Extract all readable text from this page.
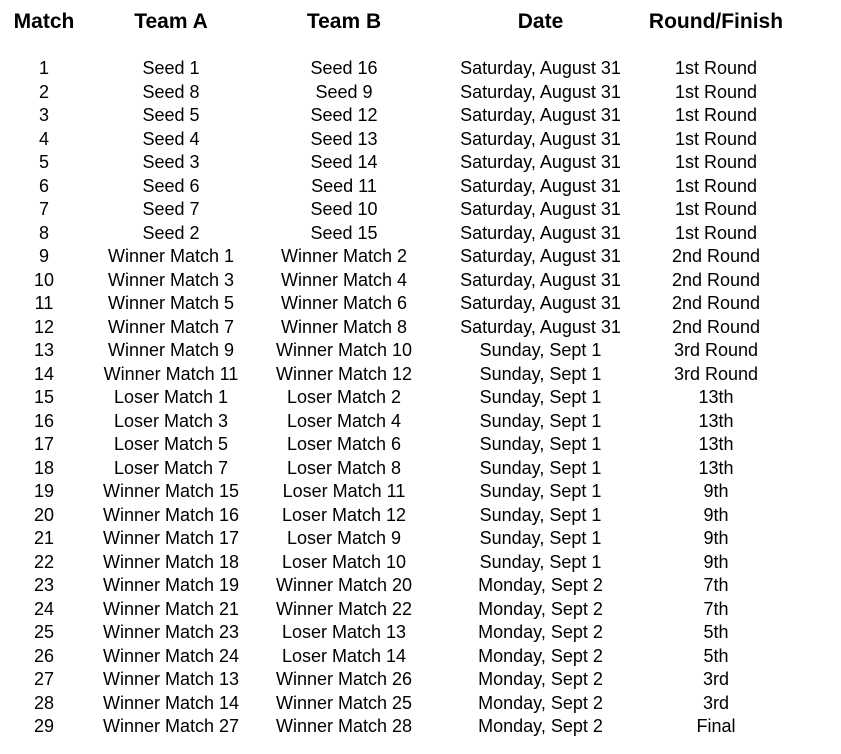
Match	Team A	Team B	Date	Round/Finish
1	Seed 1	Seed 16	Saturday, August 31	1st Round
2	Seed 8	Seed 9	Saturday, August 31	1st Round
3	Seed 5	Seed 12	Saturday, August 31	1st Round
4	Seed 4	Seed 13	Saturday, August 31	1st Round
5	Seed 3	Seed 14	Saturday, August 31	1st Round
6	Seed 6	Seed 11	Saturday, August 31	1st Round
7	Seed 7	Seed 10	Saturday, August 31	1st Round
8	Seed 2	Seed 15	Saturday, August 31	1st Round
9	Winner Match 1	Winner Match 2	Saturday, August 31	2nd Round
10	Winner Match 3	Winner Match 4	Saturday, August 31	2nd Round
11	Winner Match 5	Winner Match 6	Saturday, August 31	2nd Round
12	Winner Match 7	Winner Match 8	Saturday, August 31	2nd Round
13	Winner Match 9	Winner Match 10	Sunday, Sept 1	3rd Round
14	Winner Match 11	Winner Match 12	Sunday, Sept 1	3rd Round
15	Loser Match 1	Loser Match 2	Sunday, Sept 1	13th
16	Loser Match 3	Loser Match 4	Sunday, Sept 1	13th
17	Loser Match 5	Loser Match 6	Sunday, Sept 1	13th
18	Loser Match 7	Loser Match 8	Sunday, Sept 1	13th
19	Winner Match 15	Loser Match 11	Sunday, Sept 1	9th
20	Winner Match 16	Loser Match 12	Sunday, Sept 1	9th
21	Winner Match 17	Loser Match 9	Sunday, Sept 1	9th
22	Winner Match 18	Loser Match 10	Sunday, Sept 1	9th
23	Winner Match 19	Winner Match 20	Monday, Sept 2	7th
24	Winner Match 21	Winner Match 22	Monday, Sept 2	7th
25	Winner Match 23	Loser Match 13	Monday, Sept 2	5th
26	Winner Match 24	Loser Match 14	Monday, Sept 2	5th
27	Winner Match 13	Winner Match 26	Monday, Sept 2	3rd
28	Winner Match 14	Winner Match 25	Monday, Sept 2	3rd
29	Winner Match 27	Winner Match 28	Monday, Sept 2	Final
